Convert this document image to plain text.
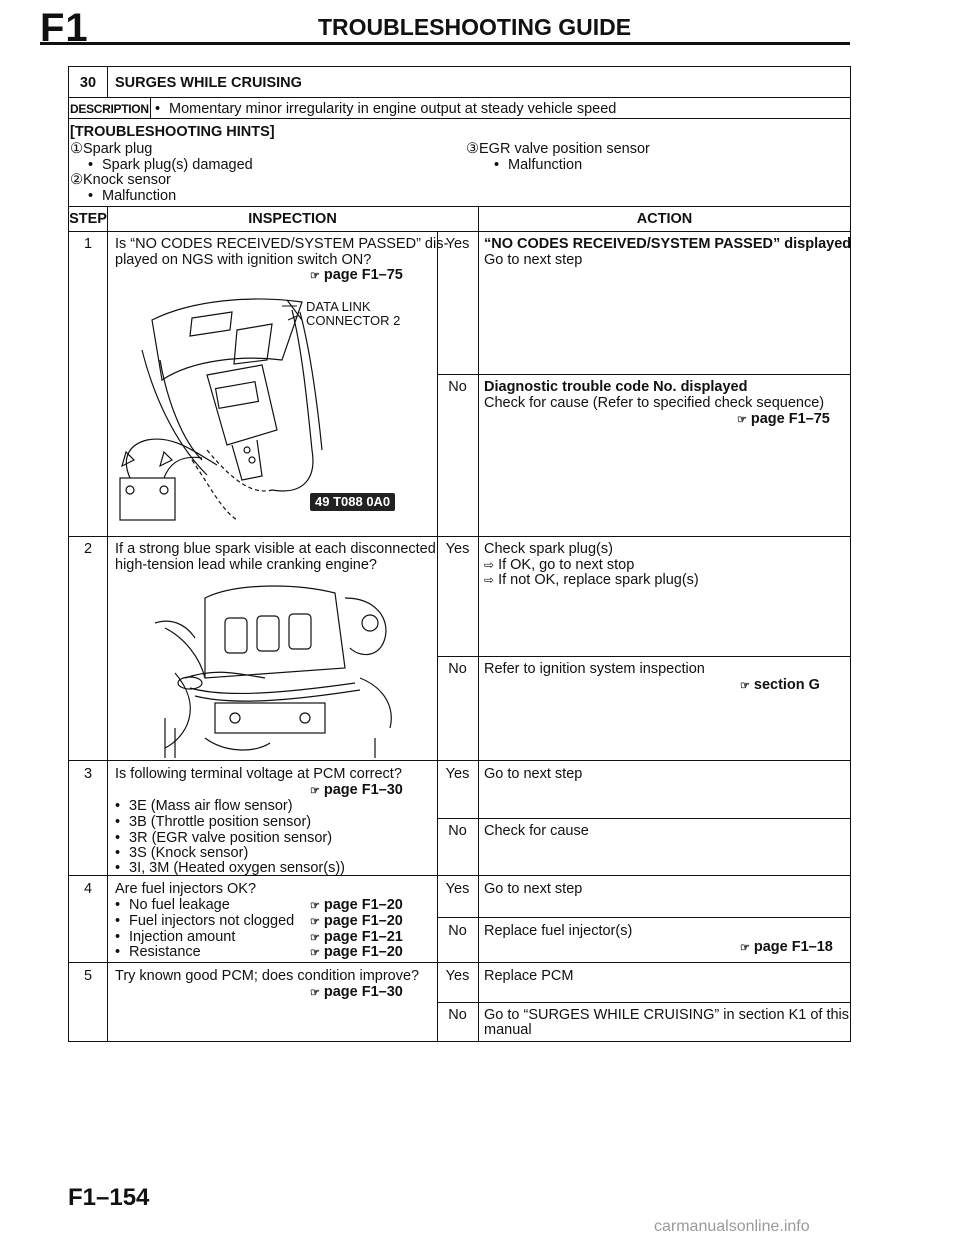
F1	TROUBLESHOOTING GUIDE
30	SURGES WHILE CRUISING
DESCRIPTION • Momentary minor irregularity in engine output at steady vehicle speed
[TROUBLESHOOTING HINTS]
①Spark plug
• Spark plug(s) damaged
②Knock sensor
• Malfunction
③EGR valve position sensor
• Malfunction
STEP	INSPECTION	ACTION
1	Is “NO CODES RECEIVED/SYSTEM PASSED” dis-
played on NGS with ignition switch ON?
☞ page F1–75
DATA LINK
CONNECTOR 2
49 T088 0A0
Yes	“NO CODES RECEIVED/SYSTEM PASSED” displayed
Go to next step
No	Diagnostic trouble code No. displayed
Check for cause (Refer to specified check sequence)
☞ page F1–75
2	If a strong blue spark visible at each disconnected
high-tension lead while cranking engine?
Yes	Check spark plug(s)
⇨ If OK, go to next stop
⇨ If not OK, replace spark plug(s)
No	Refer to ignition system inspection
☞ section G
3	Is following terminal voltage at PCM correct?
☞ page F1–30
• 3E (Mass air flow sensor)
• 3B (Throttle position sensor)
• 3R (EGR valve position sensor)
• 3S (Knock sensor)
• 3I, 3M (Heated oxygen sensor(s))
Yes	Go to next step
No	Check for cause
4	Are fuel injectors OK?
• No fuel leakage	☞ page F1–20
• Fuel injectors not clogged ☞ page F1–20
• Injection amount	☞ page F1–21
• Resistance	☞ page F1–20
Yes	Go to next step
No	Replace fuel injector(s)
☞ page F1–18
5	Try known good PCM; does condition improve?
☞ page F1–30
Yes	Replace PCM
No	Go to “SURGES WHILE CRUISING” in section K1 of this
manual
F1–154
carmanualsonline.info
